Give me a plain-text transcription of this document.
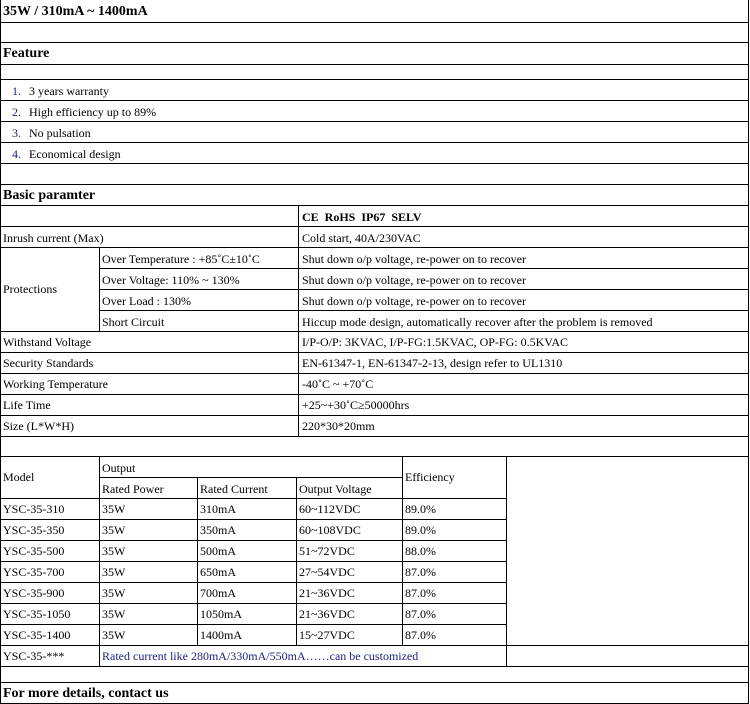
35W / 310mA ~ 1400mA
Feature
1. 3 years warranty
2. High efficiency up to 89%
3. No pulsation
4. Economical design
Basic paramter
CE RoHS IP67 SELV
Inrush current (Max)	Cold start, 40A/230VAC
Protections
Over Temperature : +85˚C±10˚C	Shut down o/p voltage, re-power on to recover
Over Voltage: 110% ~ 130%	Shut down o/p voltage, re-power on to recover
Over Load : 130%	Shut down o/p voltage, re-power on to recover
Short Circuit	Hiccup mode design, automatically recover after the problem is removed
Withstand Voltage	I/P-O/P: 3KVAC, I/P-FG:1.5KVAC, OP-FG: 0.5KVAC
Security Standards	EN-61347-1, EN-61347-2-13, design refer to UL1310
Working Temperature	-40˚C ~ +70˚C
Life Time	+25~+30˚C≥50000hrs
Size (L*W*H)	220*30*20mm
Model
Output
Rated Power	Rated Current	Output Voltage
Efficiency
YSC-35-310	35W	310mA	60~112VDC	89.0%
YSC-35-350	35W	350mA	60~108VDC	89.0%
YSC-35-500	35W	500mA	51~72VDC	88.0%
YSC-35-700	35W	650mA	27~54VDC	87.0%
YSC-35-900	35W	700mA	21~36VDC	87.0%
YSC-35-1050	35W	1050mA	21~36VDC	87.0%
YSC-35-1400	35W	1400mA	15~27VDC	87.0%
YSC-35-***	Rated current like 280mA/330mA/550mA……can be customized
For more details, contact us
